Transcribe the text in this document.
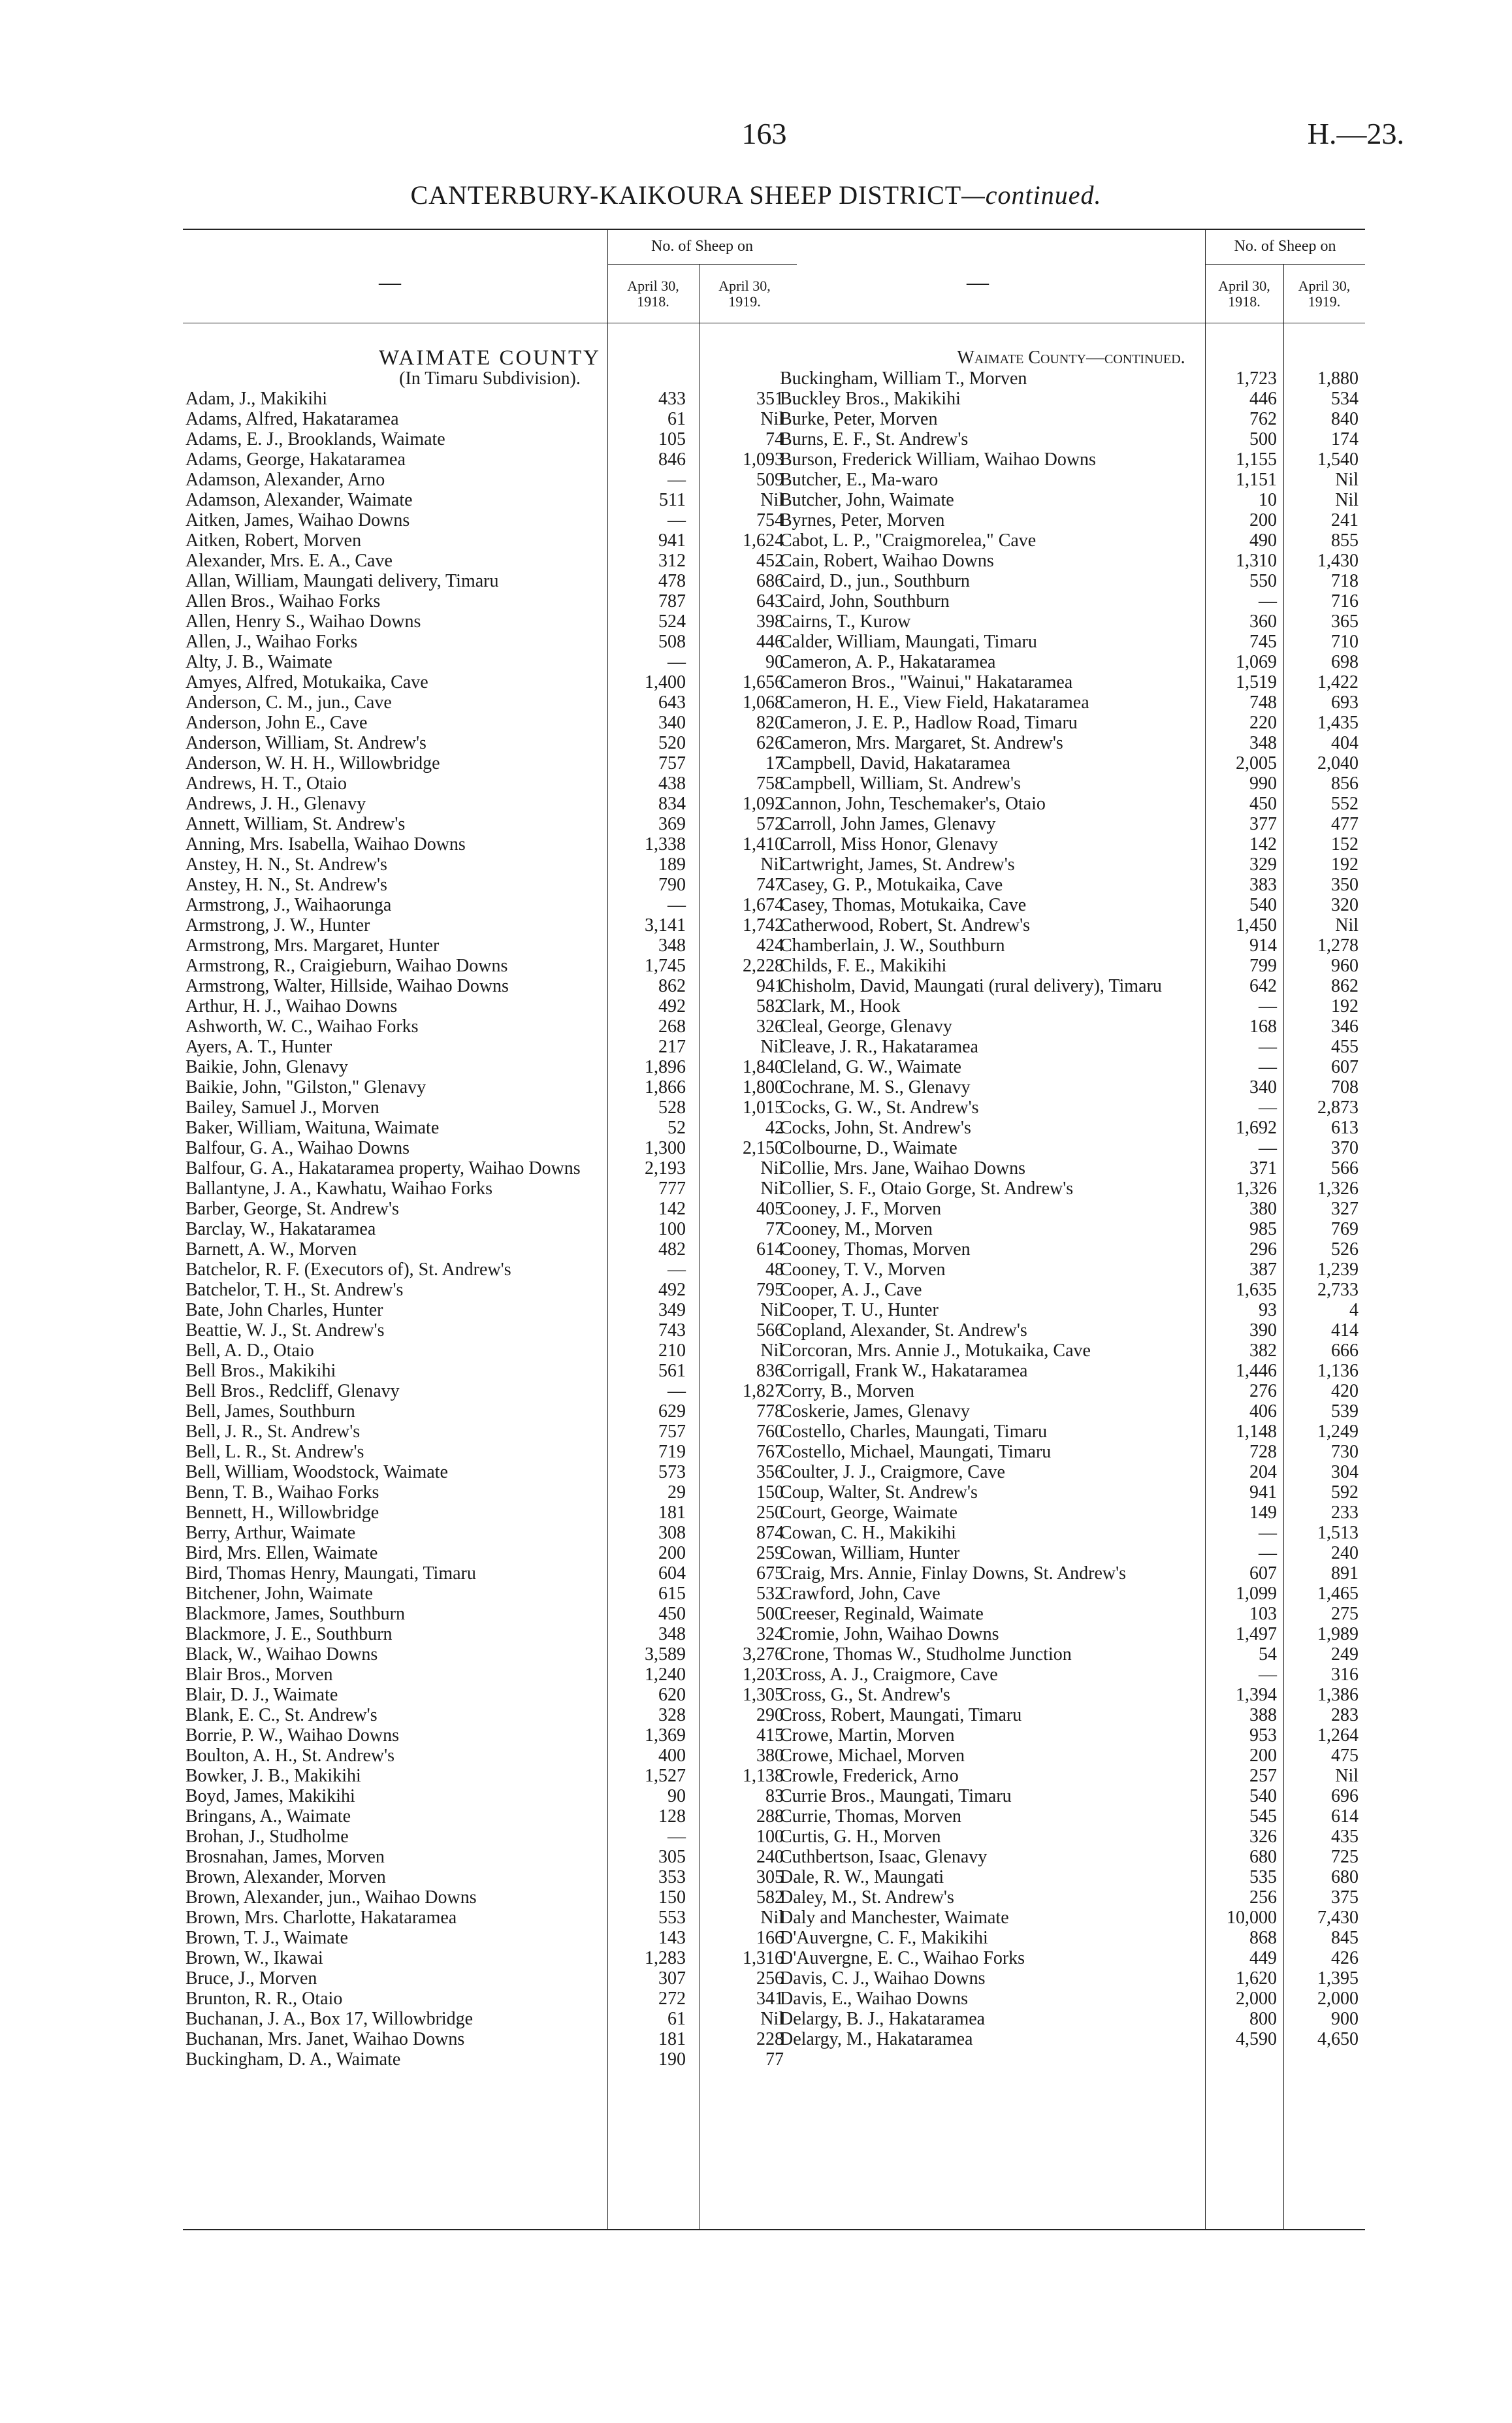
163	H.—23.
CANTERBURY-KAIKOURA SHEEP DISTRICT—continued.
—
No. of Sheep on
April 30, 1918.
April 30, 1919.
WAIMATE COUNTY
(In Timaru Subdivision).
Adam, J., Makikihi	433	351
Adams, Alfred, Hakataramea	61	Nil
Adams, E. J., Brooklands, Waimate	105	74
Adams, George, Hakataramea	846	1,093
Adamson, Alexander, Arno	—	509
Adamson, Alexander, Waimate	511	Nil
Aitken, James, Waihao Downs	—	754
Aitken, Robert, Morven	941	1,624
Alexander, Mrs. E. A., Cave	312	452
Allan, William, Maungati delivery, Timaru	478	686
Allen Bros., Waihao Forks	787	643
Allen, Henry S., Waihao Downs	524	398
Allen, J., Waihao Forks	508	446
Alty, J. B., Waimate	—	90
Amyes, Alfred, Motukaika, Cave	1,400	1,656
Anderson, C. M., jun., Cave	643	1,068
Anderson, John E., Cave	340	820
Anderson, William, St. Andrew's	520	626
Anderson, W. H. H., Willowbridge	757	17
Andrews, H. T., Otaio	438	758
Andrews, J. H., Glenavy	834	1,092
Annett, William, St. Andrew's	369	572
Anning, Mrs. Isabella, Waihao Downs	1,338	1,410
Anstey, H. N., St. Andrew's	189	Nil
Anstey, H. N., St. Andrew's	790	747
Armstrong, J., Waihaorunga	—	1,674
Armstrong, J. W., Hunter	3,141	1,742
Armstrong, Mrs. Margaret, Hunter	348	424
Armstrong, R., Craigieburn, Waihao Downs	1,745	2,228
Armstrong, Walter, Hillside, Waihao Downs	862	941
Arthur, H. J., Waihao Downs	492	582
Ashworth, W. C., Waihao Forks	268	326
Ayers, A. T., Hunter	217	Nil
Baikie, John, Glenavy	1,896	1,840
Baikie, John, "Gilston," Glenavy	1,866	1,800
Bailey, Samuel J., Morven	528	1,015
Baker, William, Waituna, Waimate	52	42
Balfour, G. A., Waihao Downs	1,300	2,150
Balfour, G. A., Hakataramea property, Waihao Downs	2,193	Nil
Ballantyne, J. A., Kawhatu, Waihao Forks	777	Nil
Barber, George, St. Andrew's	142	405
Barclay, W., Hakataramea	100	77
Barnett, A. W., Morven	482	614
Batchelor, R. F. (Executors of), St. Andrew's	—	48
Batchelor, T. H., St. Andrew's	492	795
Bate, John Charles, Hunter	349	Nil
Beattie, W. J., St. Andrew's	743	566
Bell, A. D., Otaio	210	Nil
Bell Bros., Makikihi	561	836
Bell Bros., Redcliff, Glenavy	—	1,827
Bell, James, Southburn	629	778
Bell, J. R., St. Andrew's	757	760
Bell, L. R., St. Andrew's	719	767
Bell, William, Woodstock, Waimate	573	356
Benn, T. B., Waihao Forks	29	150
Bennett, H., Willowbridge	181	250
Berry, Arthur, Waimate	308	874
Bird, Mrs. Ellen, Waimate	200	259
Bird, Thomas Henry, Maungati, Timaru	604	675
Bitchener, John, Waimate	615	532
Blackmore, James, Southburn	450	500
Blackmore, J. E., Southburn	348	324
Black, W., Waihao Downs	3,589	3,276
Blair Bros., Morven	1,240	1,203
Blair, D. J., Waimate	620	1,305
Blank, E. C., St. Andrew's	328	290
Borrie, P. W., Waihao Downs	1,369	415
Boulton, A. H., St. Andrew's	400	380
Bowker, J. B., Makikihi	1,527	1,138
Boyd, James, Makikihi	90	83
Bringans, A., Waimate	128	288
Brohan, J., Studholme	—	100
Brosnahan, James, Morven	305	240
Brown, Alexander, Morven	353	305
Brown, Alexander, jun., Waihao Downs	150	582
Brown, Mrs. Charlotte, Hakataramea	553	Nil
Brown, T. J., Waimate	143	166
Brown, W., Ikawai	1,283	1,316
Bruce, J., Morven	307	256
Brunton, R. R., Otaio	272	341
Buchanan, J. A., Box 17, Willowbridge	61	Nil
Buchanan, Mrs. Janet, Waihao Downs	181	228
Buckingham, D. A., Waimate	190	77
—
No. of Sheep on
April 30, 1918.
April 30, 1919.
Waimate County—continued.
Buckingham, William T., Morven	1,723	1,880
Buckley Bros., Makikihi	446	534
Burke, Peter, Morven	762	840
Burns, E. F., St. Andrew's	500	174
Burson, Frederick William, Waihao Downs	1,155	1,540
Butcher, E., Ma-waro	1,151	Nil
Butcher, John, Waimate	10	Nil
Byrnes, Peter, Morven	200	241
Cabot, L. P., "Craigmorelea," Cave	490	855
Cain, Robert, Waihao Downs	1,310	1,430
Caird, D., jun., Southburn	550	718
Caird, John, Southburn	—	716
Cairns, T., Kurow	360	365
Calder, William, Maungati, Timaru	745	710
Cameron, A. P., Hakataramea	1,069	698
Cameron Bros., "Wainui," Hakataramea	1,519	1,422
Cameron, H. E., View Field, Hakataramea	748	693
Cameron, J. E. P., Hadlow Road, Timaru	220	1,435
Cameron, Mrs. Margaret, St. Andrew's	348	404
Campbell, David, Hakataramea	2,005	2,040
Campbell, William, St. Andrew's	990	856
Cannon, John, Teschemaker's, Otaio	450	552
Carroll, John James, Glenavy	377	477
Carroll, Miss Honor, Glenavy	142	152
Cartwright, James, St. Andrew's	329	192
Casey, G. P., Motukaika, Cave	383	350
Casey, Thomas, Motukaika, Cave	540	320
Catherwood, Robert, St. Andrew's	1,450	Nil
Chamberlain, J. W., Southburn	914	1,278
Childs, F. E., Makikihi	799	960
Chisholm, David, Maungati (rural delivery), Timaru	642	862
Clark, M., Hook	—	192
Cleal, George, Glenavy	168	346
Cleave, J. R., Hakataramea	—	455
Cleland, G. W., Waimate	—	607
Cochrane, M. S., Glenavy	340	708
Cocks, G. W., St. Andrew's	—	2,873
Cocks, John, St. Andrew's	1,692	613
Colbourne, D., Waimate	—	370
Collie, Mrs. Jane, Waihao Downs	371	566
Collier, S. F., Otaio Gorge, St. Andrew's	1,326	1,326
Cooney, J. F., Morven	380	327
Cooney, M., Morven	985	769
Cooney, Thomas, Morven	296	526
Cooney, T. V., Morven	387	1,239
Cooper, A. J., Cave	1,635	2,733
Cooper, T. U., Hunter	93	4
Copland, Alexander, St. Andrew's	390	414
Corcoran, Mrs. Annie J., Motukaika, Cave	382	666
Corrigall, Frank W., Hakataramea	1,446	1,136
Corry, B., Morven	276	420
Coskerie, James, Glenavy	406	539
Costello, Charles, Maungati, Timaru	1,148	1,249
Costello, Michael, Maungati, Timaru	728	730
Coulter, J. J., Craigmore, Cave	204	304
Coup, Walter, St. Andrew's	941	592
Court, George, Waimate	149	233
Cowan, C. H., Makikihi	—	1,513
Cowan, William, Hunter	—	240
Craig, Mrs. Annie, Finlay Downs, St. Andrew's	607	891
Crawford, John, Cave	1,099	1,465
Creeser, Reginald, Waimate	103	275
Cromie, John, Waihao Downs	1,497	1,989
Crone, Thomas W., Studholme Junction	54	249
Cross, A. J., Craigmore, Cave	—	316
Cross, G., St. Andrew's	1,394	1,386
Cross, Robert, Maungati, Timaru	388	283
Crowe, Martin, Morven	953	1,264
Crowe, Michael, Morven	200	475
Crowle, Frederick, Arno	257	Nil
Currie Bros., Maungati, Timaru	540	696
Currie, Thomas, Morven	545	614
Curtis, G. H., Morven	326	435
Cuthbertson, Isaac, Glenavy	680	725
Dale, R. W., Maungati	535	680
Daley, M., St. Andrew's	256	375
Daly and Manchester, Waimate	10,000	7,430
D'Auvergne, C. F., Makikihi	868	845
D'Auvergne, E. C., Waihao Forks	449	426
Davis, C. J., Waihao Downs	1,620	1,395
Davis, E., Waihao Downs	2,000	2,000
Delargy, B. J., Hakataramea	800	900
Delargy, M., Hakataramea	4,590	4,650
